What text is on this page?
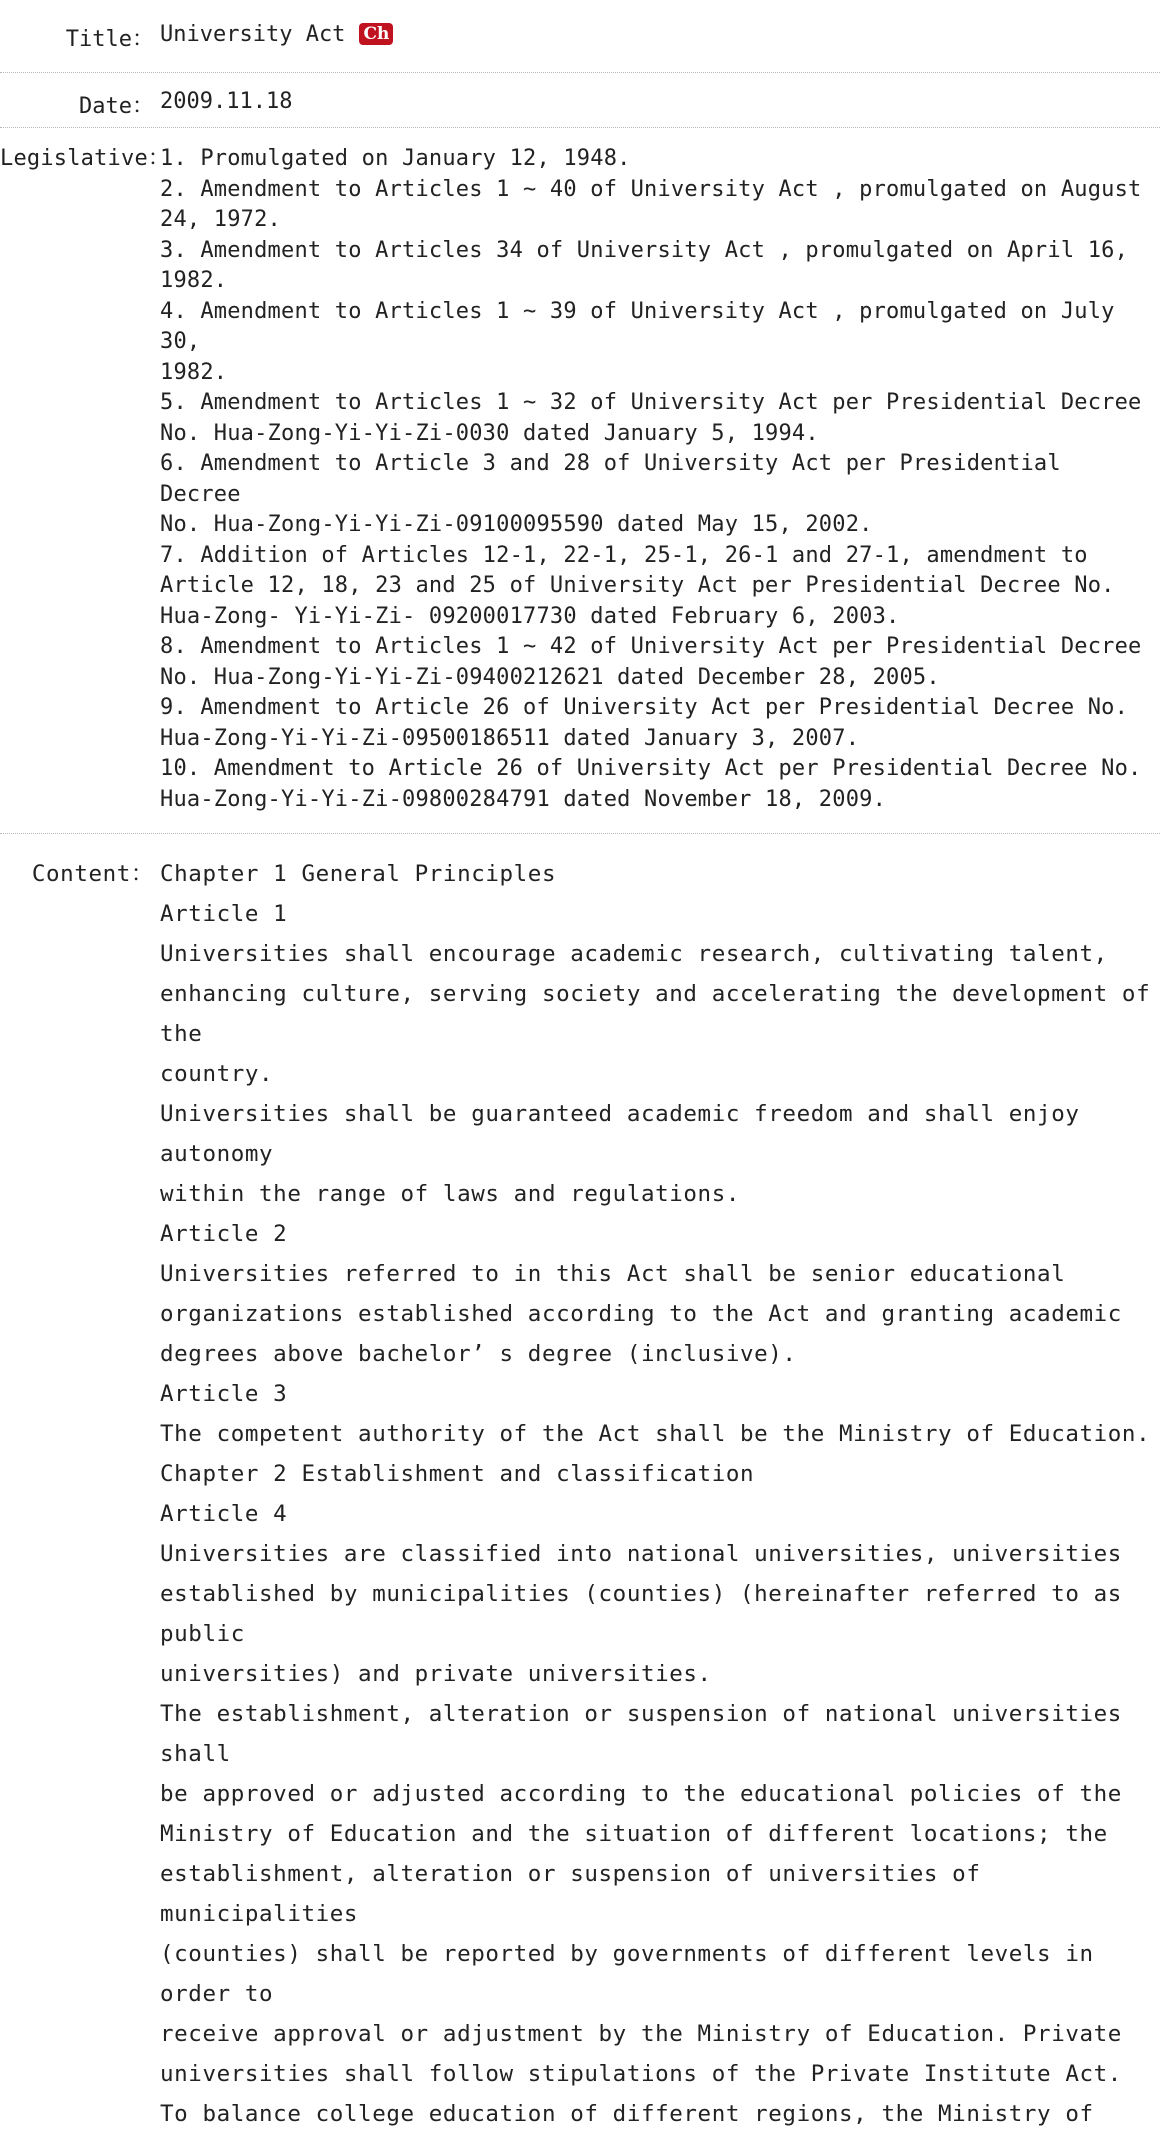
Title： University Act Ch
Date： 2009.11.18
Legislative：
1. Promulgated on January 12, 1948.
2. Amendment to Articles 1 ~ 40 of University Act , promulgated on August
24, 1972.
3. Amendment to Articles 34 of University Act , promulgated on April 16,
1982.
4. Amendment to Articles 1 ~ 39 of University Act , promulgated on July 30,
1982.
5. Amendment to Articles 1 ~ 32 of University Act per Presidential Decree
No. Hua-Zong-Yi-Yi-Zi-0030 dated January 5, 1994.
6. Amendment to Article 3 and 28 of University Act per Presidential Decree
No. Hua-Zong-Yi-Yi-Zi-09100095590 dated May 15, 2002.
7. Addition of Articles 12-1, 22-1, 25-1, 26-1 and 27-1, amendment to
Article 12, 18, 23 and 25 of University Act per Presidential Decree No.
Hua-Zong- Yi-Yi-Zi- 09200017730 dated February 6, 2003.
8. Amendment to Articles 1 ~ 42 of University Act per Presidential Decree
No. Hua-Zong-Yi-Yi-Zi-09400212621 dated December 28, 2005.
9. Amendment to Article 26 of University Act per Presidential Decree No.
Hua-Zong-Yi-Yi-Zi-09500186511 dated January 3, 2007.
10. Amendment to Article 26 of University Act per Presidential Decree No.
Hua-Zong-Yi-Yi-Zi-09800284791 dated November 18, 2009.
Content： Chapter 1 General Principles
Article 1
Universities shall encourage academic research, cultivating talent,
enhancing culture, serving society and accelerating the development of the
country.
Universities shall be guaranteed academic freedom and shall enjoy autonomy
within the range of laws and regulations.
Article 2
Universities referred to in this Act shall be senior educational
organizations established according to the Act and granting academic
degrees above bachelor’ s degree (inclusive).
Article 3
The competent authority of the Act shall be the Ministry of Education.
Chapter 2 Establishment and classification
Article 4
Universities are classified into national universities, universities
established by municipalities (counties) (hereinafter referred to as public
universities) and private universities.
The establishment, alteration or suspension of national universities shall
be approved or adjusted according to the educational policies of the
Ministry of Education and the situation of different locations; the
establishment, alteration or suspension of universities of municipalities
(counties) shall be reported by governments of different levels in order to
receive approval or adjustment by the Ministry of Education. Private
universities shall follow stipulations of the Private Institute Act.
To balance college education of different regions, the Ministry of
